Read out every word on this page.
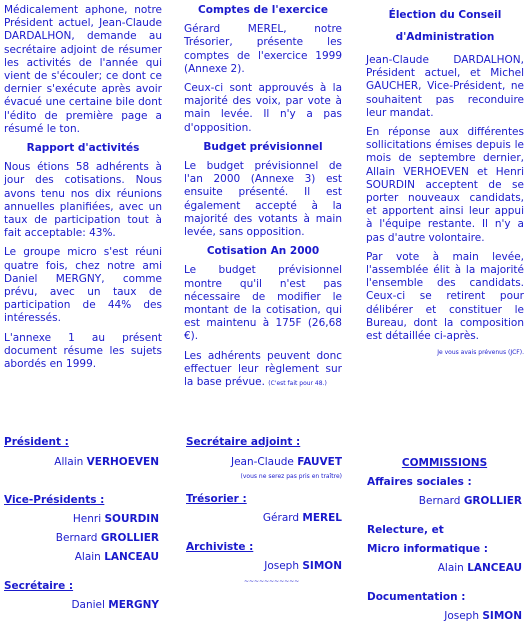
Médicalement aphone, notre Président actuel, Jean-Claude DARDALHON, demande au secrétaire adjoint de résumer les activités de l'année qui vient de s'écouler; ce dont ce dernier s'exécute après avoir évacué une certaine bile dont l'édito de première page a résumé le ton.

Rapport d'activités

Nous étions 58 adhérents à jour des cotisations. Nous avons tenu nos dix réunions annuelles planifiées, avec un taux de participation tout à fait acceptable: 43%.

Le groupe micro s'est réuni quatre fois, chez notre ami Daniel MERGNY, comme prévu, avec un taux de participation de 44% des intéressés.

L'annexe 1 au présent document résume les sujets abordés en 1999.

Comptes de l'exercice

Gérard MEREL, notre Trésorier, présente les comptes de l'exercice 1999 (Annexe 2).

Ceux-ci sont approuvés à la majorité des voix, par vote à main levée. Il n'y a pas d'opposition.

Budget prévisionnel

Le budget prévisionnel de l'an 2000 (Annexe 3) est ensuite présenté. Il est également accepté à la majorité des votants à main levée, sans opposition.

Cotisation An 2000

Le budget prévisionnel montre qu'il n'est pas nécessaire de modifier le montant de la cotisation, qui est maintenu à 175F (26,68 €).

Les adhérents peuvent donc effectuer leur règlement sur la base prévue. (C'est fait pour 48.)

Élection du Conseil d'Administration

Jean-Claude DARDALHON, Président actuel, et Michel GAUCHER, Vice-Président, ne souhaitent pas reconduire leur mandat.

En réponse aux différentes sollicitations émises depuis le mois de septembre dernier, Allain VERHOEVEN et Henri SOURDIN acceptent de se porter nouveaux candidats, et apportent ainsi leur appui à l'équipe restante. Il n'y a pas d'autre volontaire.

Par vote à main levée, l'assemblée élit à la majorité l'ensemble des candidats. Ceux-ci se retirent pour délibérer et constituer le Bureau, dont la composition est détaillée ci-après.

Je vous avais prévenus (JCF).
Président :
Allain VERHOEVEN
Vice-Présidents :
Henri SOURDIN
Bernard GROLLIER
Alain LANCEAU
Secrétaire :
Daniel MERGNY
Secrétaire adjoint :
Jean-Claude FAUVET
(vous ne serez pas pris en traître)
Trésorier :
Gérard MEREL
Archiviste :
Joseph SIMON
~~~~~~~~~~~
COMMISSIONS
Affaires sociales :
Bernard GROLLIER
Relecture, et
Micro informatique :
Alain LANCEAU
Documentation :
Joseph SIMON
